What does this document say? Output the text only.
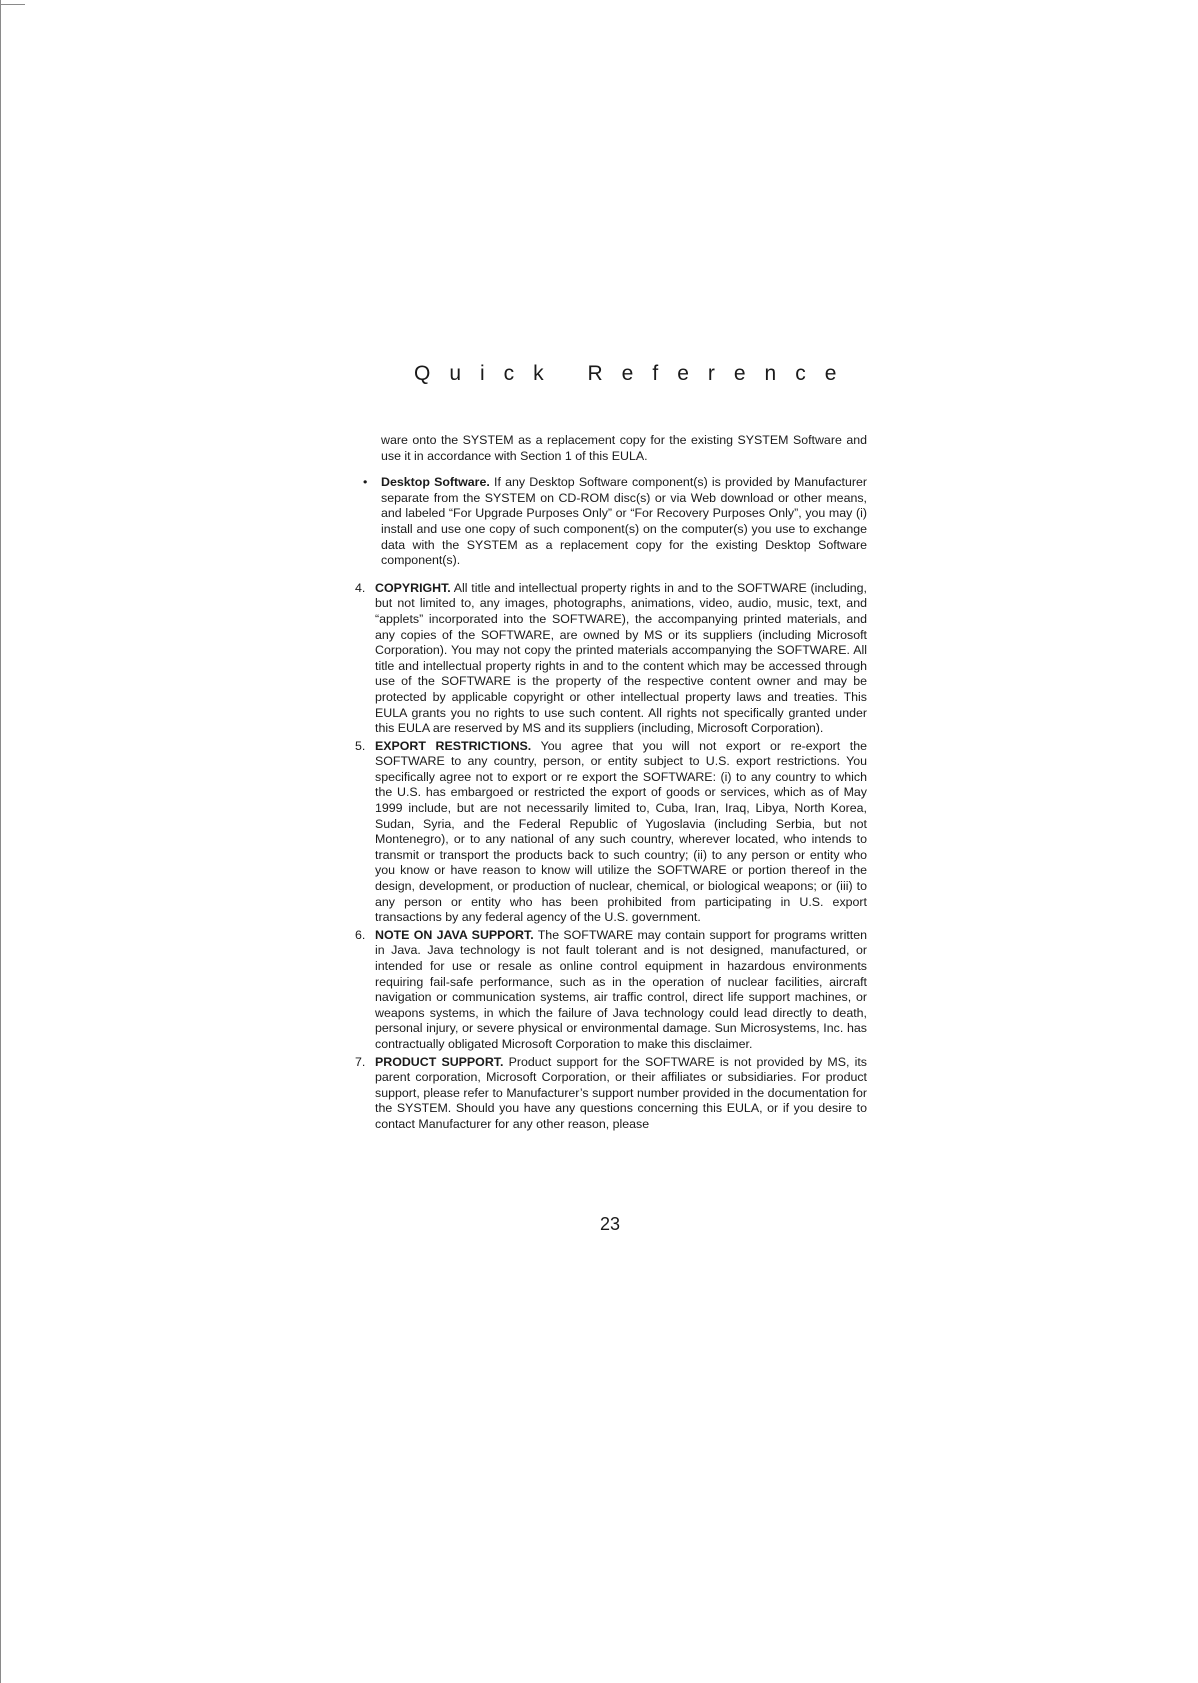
Quick Reference

ware onto the SYSTEM as a replacement copy for the existing SYSTEM Software and use it in accordance with Section 1 of this EULA.

• Desktop Software. If any Desktop Software component(s) is provided by Manufacturer separate from the SYSTEM on CD-ROM disc(s) or via Web download or other means, and labeled “For Upgrade Purposes Only” or “For Recovery Purposes Only”, you may (i) install and use one copy of such component(s) on the computer(s) you use to exchange data with the SYSTEM as a replacement copy for the existing Desktop Software component(s).

4. COPYRIGHT. All title and intellectual property rights in and to the SOFTWARE (including, but not limited to, any images, photographs, animations, video, audio, music, text, and “applets” incorporated into the SOFTWARE), the accompanying printed materials, and any copies of the SOFTWARE, are owned by MS or its suppliers (including Microsoft Corporation). You may not copy the printed materials accompanying the SOFTWARE. All title and intellectual property rights in and to the content which may be accessed through use of the SOFTWARE is the property of the respective content owner and may be protected by applicable copyright or other intellectual property laws and treaties. This EULA grants you no rights to use such content. All rights not specifically granted under this EULA are reserved by MS and its suppliers (including, Microsoft Corporation).

5. EXPORT RESTRICTIONS. You agree that you will not export or re-export the SOFTWARE to any country, person, or entity subject to U.S. export restrictions. You specifically agree not to export or re export the SOFTWARE: (i) to any country to which the U.S. has embargoed or restricted the export of goods or services, which as of May 1999 include, but are not necessarily limited to, Cuba, Iran, Iraq, Libya, North Korea, Sudan, Syria, and the Federal Republic of Yugoslavia (including Serbia, but not Montenegro), or to any national of any such country, wherever located, who intends to transmit or transport the products back to such country; (ii) to any person or entity who you know or have reason to know will utilize the SOFTWARE or portion thereof in the design, development, or production of nuclear, chemical, or biological weapons; or (iii) to any person or entity who has been prohibited from participating in U.S. export transactions by any federal agency of the U.S. government.

6. NOTE ON JAVA SUPPORT. The SOFTWARE may contain support for programs written in Java. Java technology is not fault tolerant and is not designed, manufactured, or intended for use or resale as online control equipment in hazardous environments requiring fail-safe performance, such as in the operation of nuclear facilities, aircraft navigation or communication systems, air traffic control, direct life support machines, or weapons systems, in which the failure of Java technology could lead directly to death, personal injury, or severe physical or environmental damage. Sun Microsystems, Inc. has contractually obligated Microsoft Corporation to make this disclaimer.

7. PRODUCT SUPPORT. Product support for the SOFTWARE is not provided by MS, its parent corporation, Microsoft Corporation, or their affiliates or subsidiaries. For product support, please refer to Manufacturer’s support number provided in the documentation for the SYSTEM. Should you have any questions concerning this EULA, or if you desire to contact Manufacturer for any other reason, please

23
